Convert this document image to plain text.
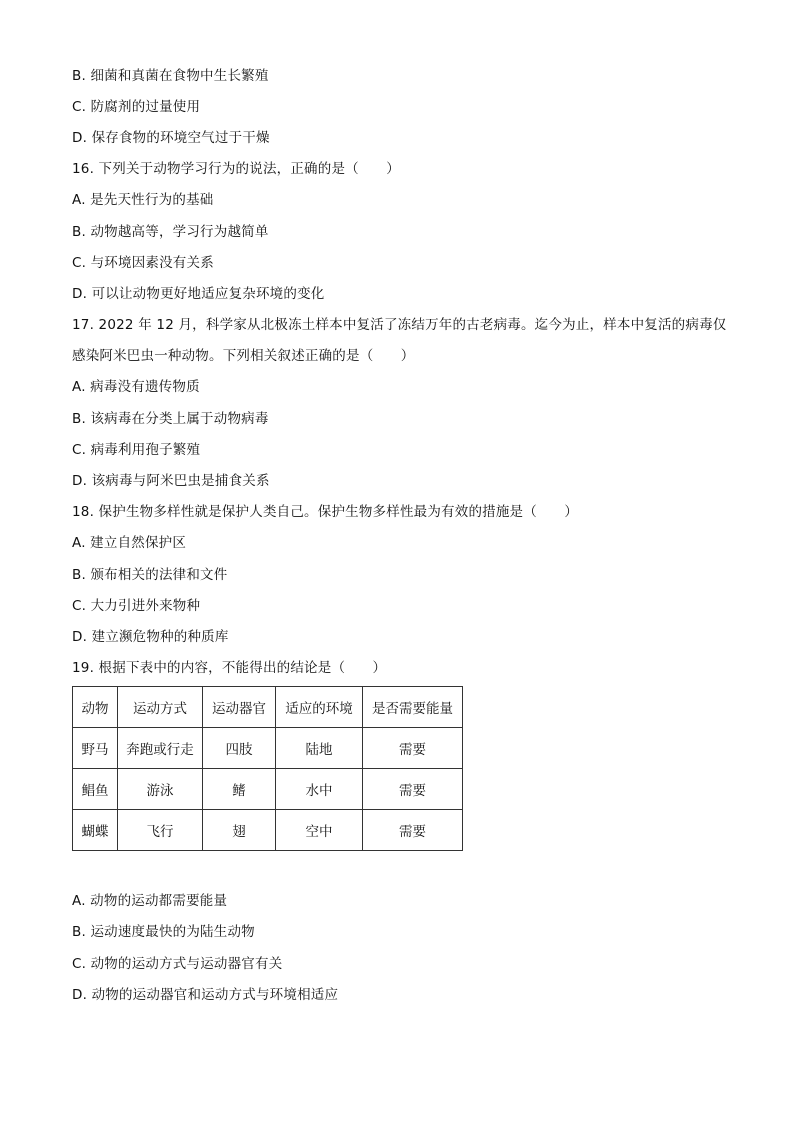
B. 细菌和真菌在食物中生长繁殖
C. 防腐剂的过量使用
D. 保存食物的环境空气过于干燥
16. 下列关于动物学习行为的说法，正确的是（　　）
A. 是先天性行为的基础
B. 动物越高等，学习行为越简单
C. 与环境因素没有关系
D. 可以让动物更好地适应复杂环境的变化
17. 2022 年 12 月，科学家从北极冻土样本中复活了冻结万年的古老病毒。迄今为止，样本中复活的病毒仅
感染阿米巴虫一种动物。下列相关叙述正确的是（　　）
A. 病毒没有遗传物质
B. 该病毒在分类上属于动物病毒
C. 病毒利用孢子繁殖
D. 该病毒与阿米巴虫是捕食关系
18. 保护生物多样性就是保护人类自己。保护生物多样性最为有效的措施是（　　）
A. 建立自然保护区
B. 颁布相关的法律和文件
C. 大力引进外来物种
D. 建立濒危物种的种质库
19. 根据下表中的内容，不能得出的结论是（　　）
动物	运动方式	运动器官	适应的环境	是否需要能量
野马	奔跑或行走	四肢	陆地	需要
鲳鱼	游泳	鳍	水中	需要
蝴蝶	飞行	翅	空中	需要
A. 动物的运动都需要能量
B. 运动速度最快的为陆生动物
C. 动物的运动方式与运动器官有关
D. 动物的运动器官和运动方式与环境相适应
